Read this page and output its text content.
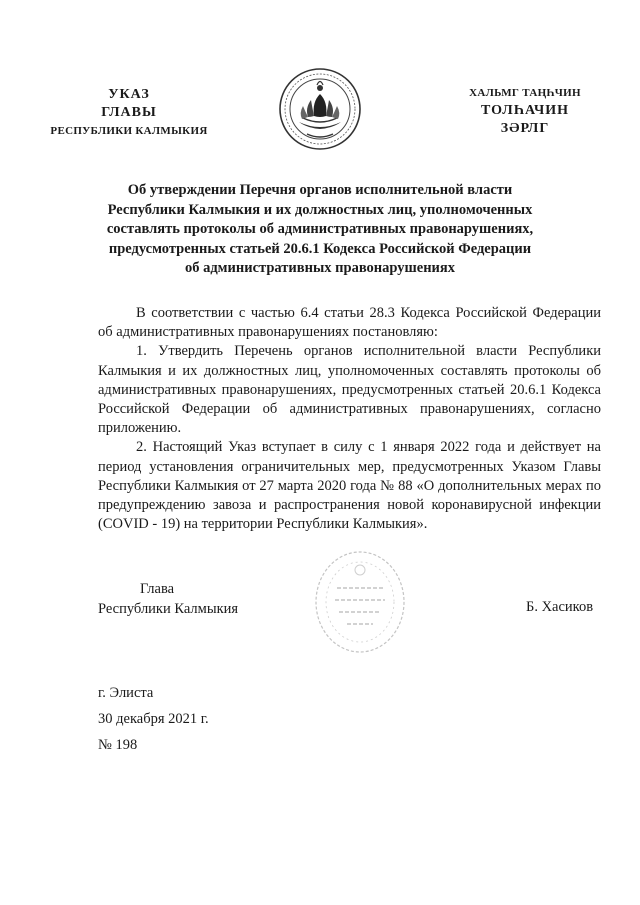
УКАЗ
ГЛАВЫ
РЕСПУБЛИКИ КАЛМЫКИЯ
ХАЛЬМГ ТАҢҺЧИН
ТОЛҺАЧИН
ЗӘРЛГ
Об утверждении Перечня органов исполнительной власти
Республики Калмыкия и их должностных лиц, уполномоченных
составлять протоколы об административных правонарушениях,
предусмотренных статьей 20.6.1 Кодекса Российской Федерации
об административных правонарушениях

В соответствии с частью 6.4 статьи 28.3 Кодекса Российской Федерации об административных правонарушениях постановляю:

1. Утвердить Перечень органов исполнительной власти Республики Калмыкия и их должностных лиц, уполномоченных составлять протоколы об административных правонарушениях, предусмотренных статьей 20.6.1 Кодекса Российской Федерации об административных правонарушениях, согласно приложению.

2. Настоящий Указ вступает в силу с 1 января 2022 года и действует на период установления ограничительных мер, предусмотренных Указом Главы Республики Калмыкия от 27 марта 2020 года № 88 «О дополнительных мерах по предупреждению завоза и распространения новой коронавирусной инфекции (COVID - 19) на территории Республики Калмыкия».

Глава
Республики Калмыкия	Б. Хасиков
г. Элиста
30 декабря 2021 г.
№ 198
